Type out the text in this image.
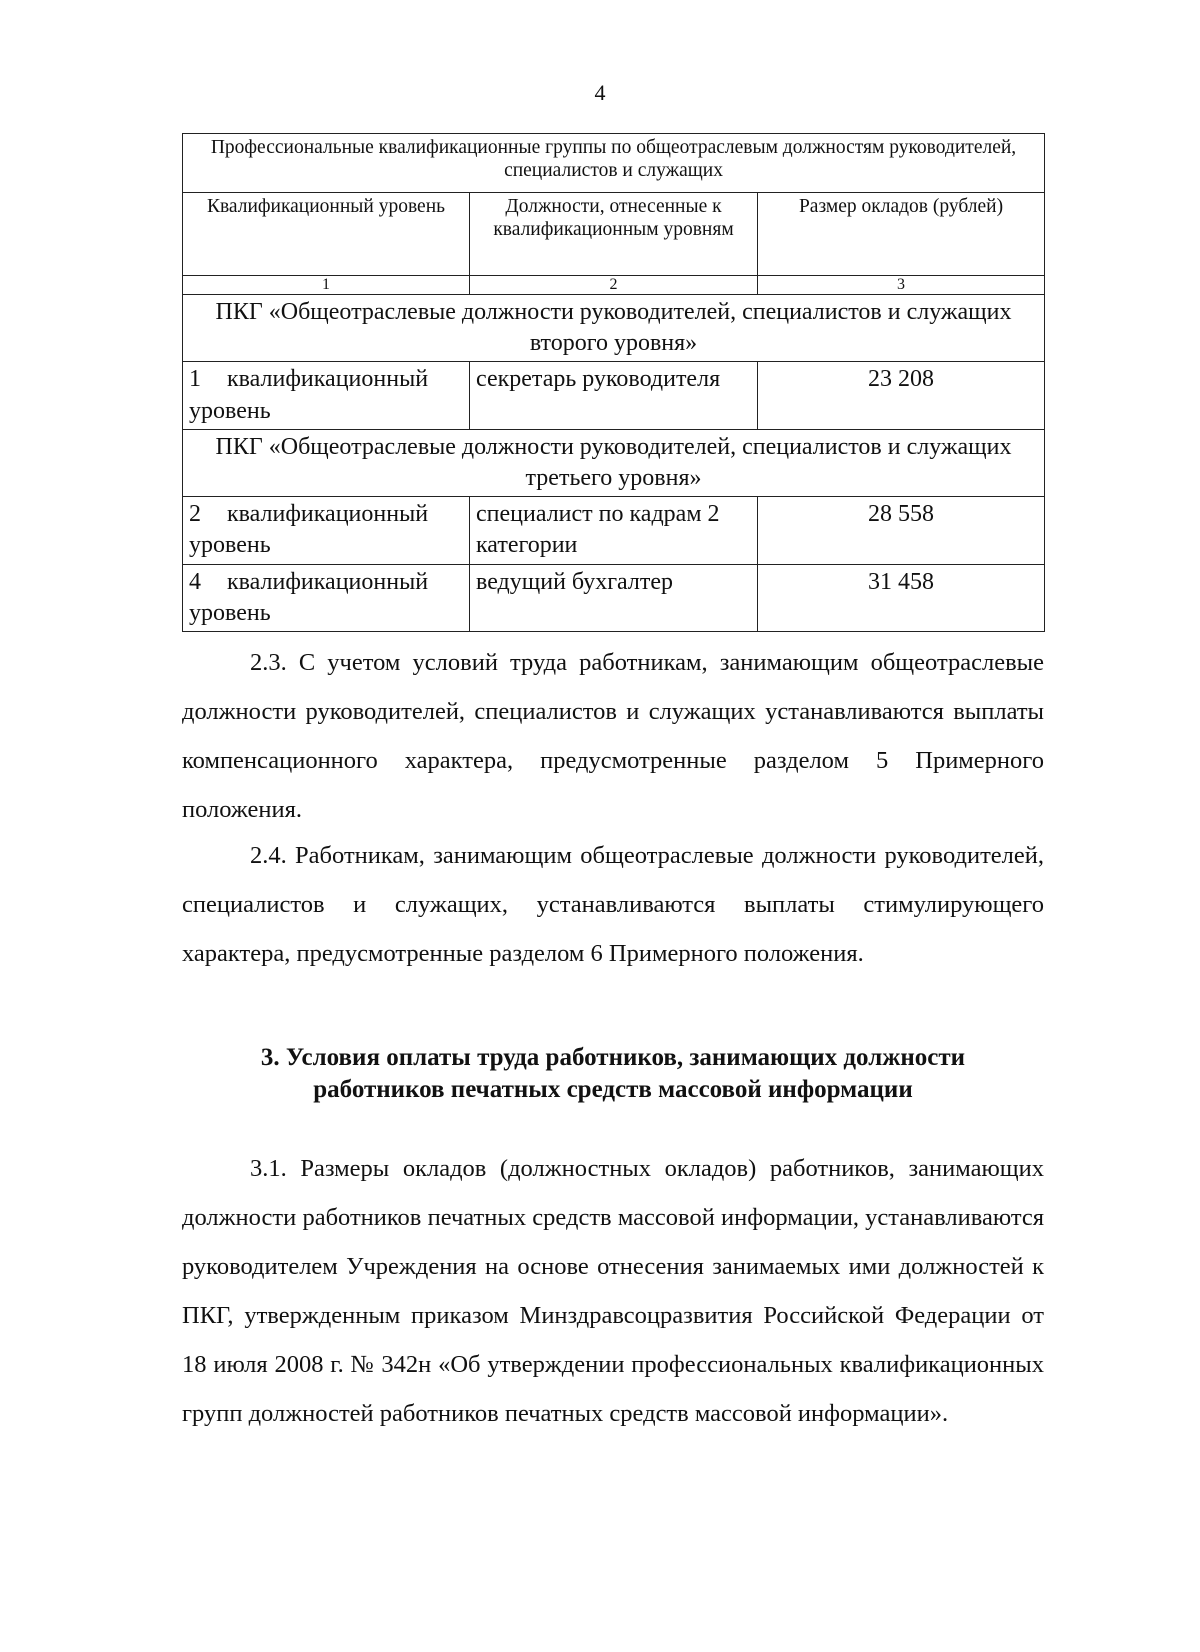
4
Профессиональные квалификационные группы по общеотраслевым должностям руководителей, специалистов и служащих		
Квалификационный уровень	Должности, отнесенные к квалификационным уровням	Размер окладов (рублей)
1	2	3
ПКГ «Общеотраслевые должности руководителей, специалистов и служащих второго уровня»		
1 квалификационный уровень	секретарь руководителя	23 208
ПКГ «Общеотраслевые должности руководителей, специалистов и служащих третьего уровня»		
2 квалификационный уровень	специалист по кадрам 2 категории	28 558
4 квалификационный уровень	ведущий бухгалтер	31 458

2.3. С учетом условий труда работникам, занимающим общеотраслевые должности руководителей, специалистов и служащих устанавливаются выплаты компенсационного характера, предусмотренные разделом 5 Примерного положения.

2.4. Работникам, занимающим общеотраслевые должности руководителей, специалистов и служащих, устанавливаются выплаты стимулирующего характера, предусмотренные разделом 6 Примерного положения.

3. Условия оплаты труда работников, занимающих должности
работников печатных средств массовой информации

3.1. Размеры окладов (должностных окладов) работников, занимающих должности работников печатных средств массовой информации, устанавливаются руководителем Учреждения на основе отнесения занимаемых ими должностей к ПКГ, утвержденным приказом Минздравсоцразвития Российской Федерации от 18 июля 2008 г. № 342н «Об утверждении профессиональных квалификационных групп должностей работников печатных средств массовой информации».
